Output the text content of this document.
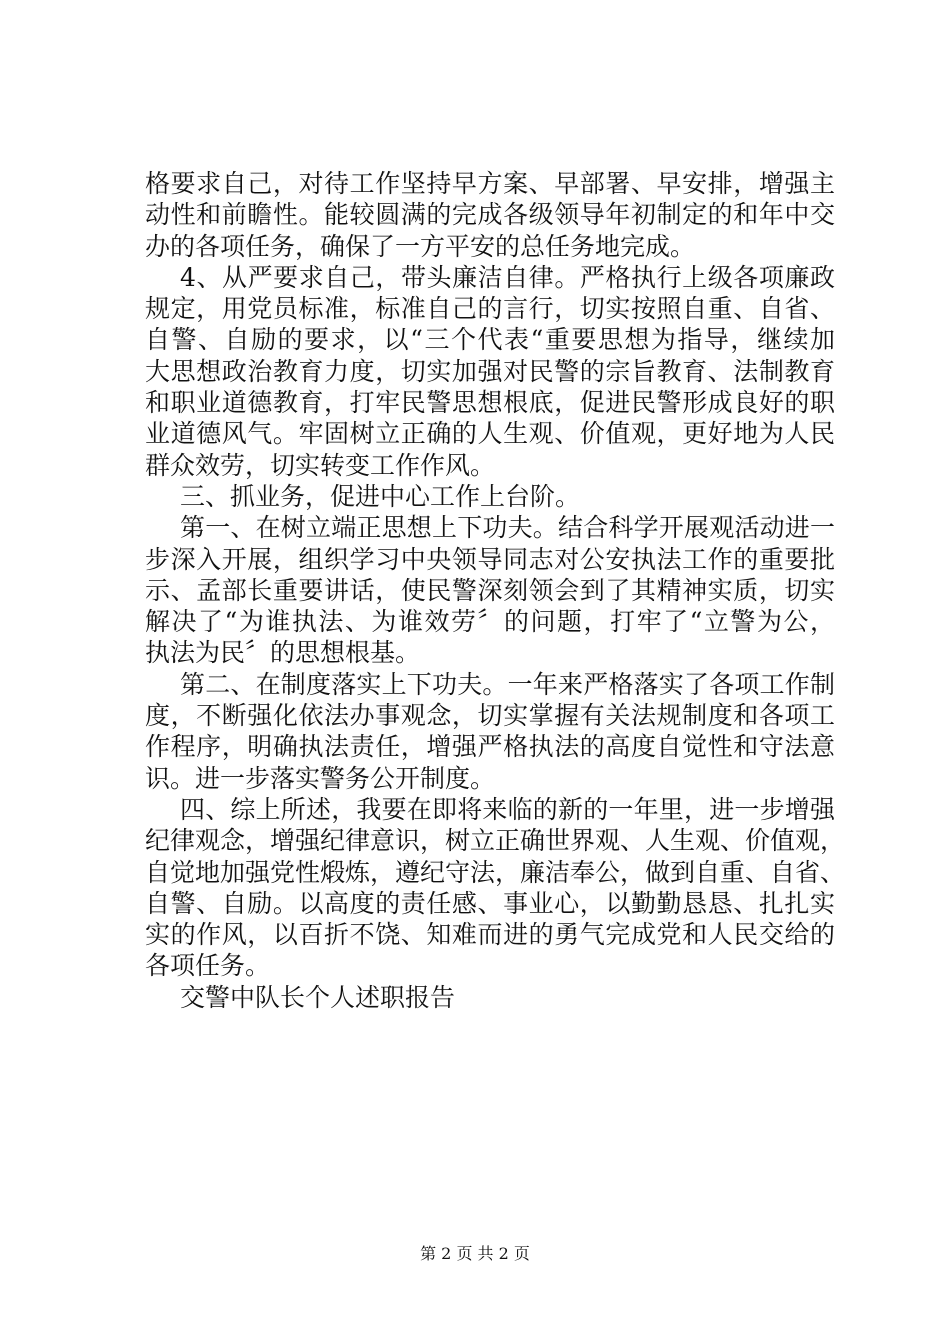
格要求自己，对待工作坚持早方案、早部署、早安排，增强主
动性和前瞻性。能较圆满的完成各级领导年初制定的和年中交
办的各项任务，确保了一方平安的总任务地完成。
4、从严要求自己，带头廉洁自律。严格执行上级各项廉政
规定，用党员标准，标准自己的言行，切实按照自重、自省、
自警、自励的要求，以“三个代表“重要思想为指导，继续加
大思想政治教育力度，切实加强对民警的宗旨教育、法制教育
和职业道德教育，打牢民警思想根底，促进民警形成良好的职
业道德风气。牢固树立正确的人生观、价值观，更好地为人民
群众效劳，切实转变工作作风。
三、抓业务，促进中心工作上台阶。
第一、在树立端正思想上下功夫。结合科学开展观活动进一
步深入开展，组织学习中央领导同志对公安执法工作的重要批
示、孟部长重要讲话，使民警深刻领会到了其精神实质，切实
解决了“为谁执法、为谁效劳〞的问题，打牢了“立警为公，
执法为民〞的思想根基。
第二、在制度落实上下功夫。一年来严格落实了各项工作制
度，不断强化依法办事观念，切实掌握有关法规制度和各项工
作程序，明确执法责任，增强严格执法的高度自觉性和守法意
识。进一步落实警务公开制度。
四、综上所述，我要在即将来临的新的一年里，进一步增强
纪律观念，增强纪律意识，树立正确世界观、人生观、价值观，
自觉地加强党性煅炼，遵纪守法，廉洁奉公，做到自重、自省、
自警、自励。以高度的责任感、事业心，以勤勤恳恳、扎扎实
实的作风，以百折不饶、知难而进的勇气完成党和人民交给的
各项任务。
交警中队长个人述职报告
第 2 页 共 2 页
